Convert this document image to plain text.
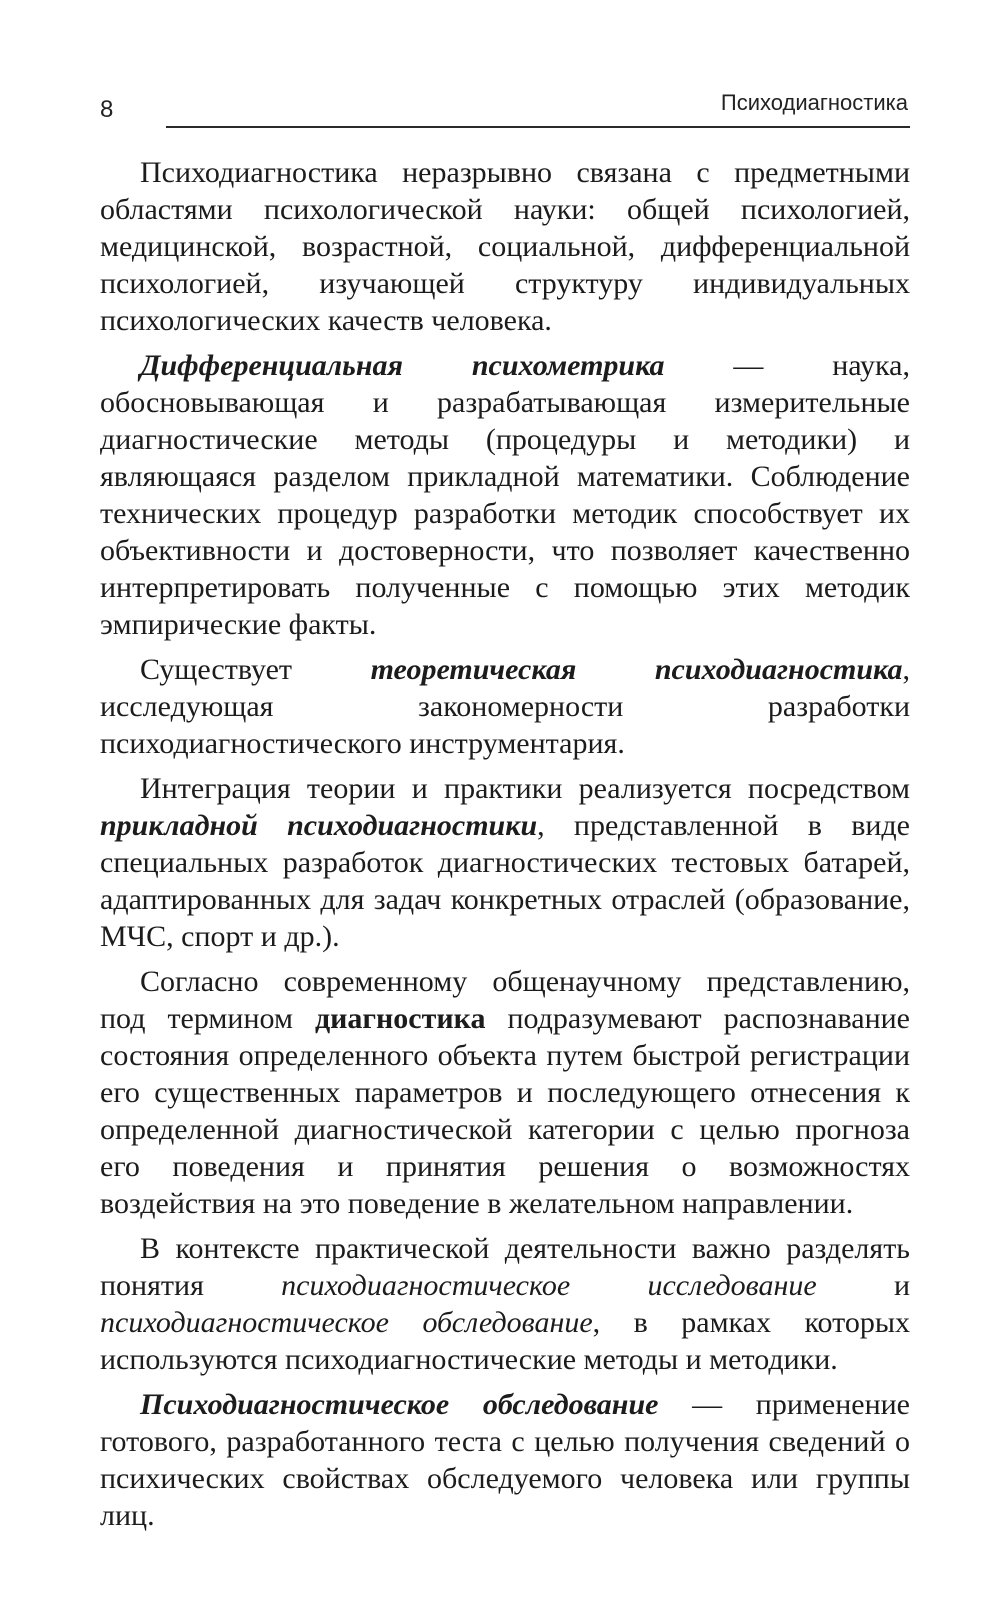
8	Психодиагностика

Психодиагностика неразрывно связана с предметными областями психологической науки: общей психологией, медицинской, возрастной, социальной, дифференциальной психологией, изучающей структуру индивидуальных психологических качеств человека.

Дифференциальная психометрика — наука, обосновывающая и разрабатывающая измерительные диагностические методы (процедуры и методики) и являющаяся разделом прикладной математики. Соблюдение технических процедур разработки методик способствует их объективности и достоверности, что позволяет качественно интерпретировать полученные с помощью этих методик эмпирические факты.

Существует теоретическая психодиагностика, исследующая закономерности разработки психодиагностического инструментария.

Интеграция теории и практики реализуется посредством прикладной психодиагностики, представленной в виде специальных разработок диагностических тестовых батарей, адаптированных для задач конкретных отраслей (образование, МЧС, спорт и др.).

Согласно современному общенаучному представлению, под термином диагностика подразумевают распознавание состояния определенного объекта путем быстрой регистрации его существенных параметров и последующего отнесения к определенной диагностической категории с целью прогноза его поведения и принятия решения о возможностях воздействия на это поведение в желательном направлении.

В контексте практической деятельности важно разделять понятия психодиагностическое исследование и психодиагностическое обследование, в рамках которых используются психодиагностические методы и методики.

Психодиагностическое обследование — применение готового, разработанного теста с целью получения сведений о психических свойствах обследуемого человека или группы лиц.
